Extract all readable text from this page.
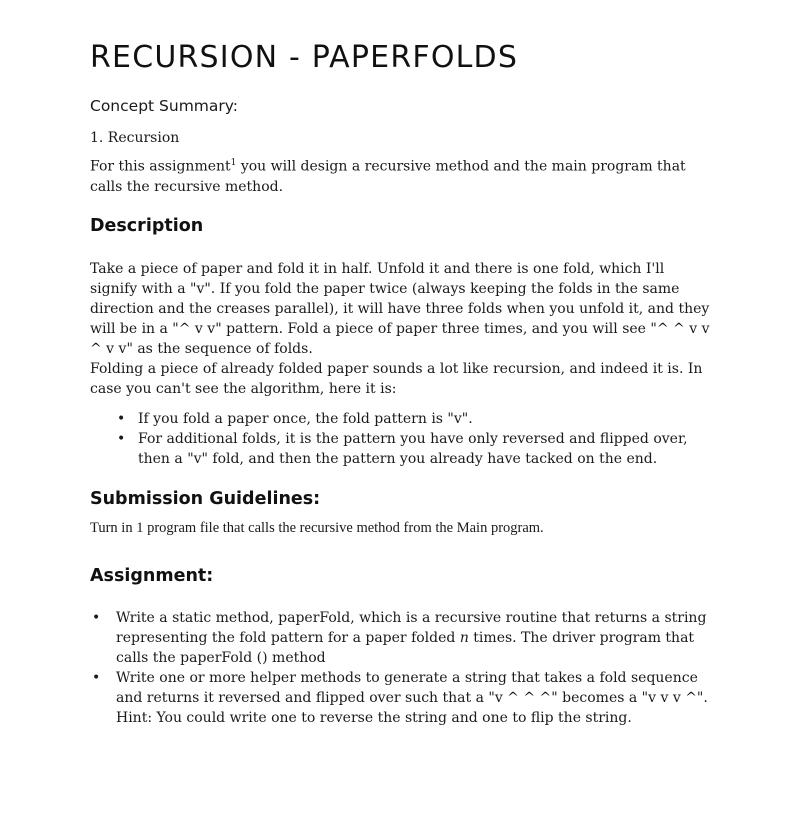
RECURSION - PAPERFOLDS
Concept Summary:
1. Recursion
For this assignment$^1$ you will design a recursive method and the main program that calls the recursive method.
Description

Take a piece of paper and fold it in half. Unfold it and there is one fold, which I'll signify with a "v". If you fold the paper twice (always keeping the folds in the same direction and the creases parallel), it will have three folds when you unfold it, and they will be in a "^ v v" pattern. Fold a piece of paper three times, and you will see "^ ^ v v ^ v v" as the sequence of folds.

Folding a piece of already folded paper sounds a lot like recursion, and indeed it is. In case you can't see the algorithm, here it is:

• If you fold a paper once, the fold pattern is "v".
• For additional folds, it is the pattern you have only reversed and flipped over, then a "v" fold, and then the pattern you already have tacked on the end.
Submission Guidelines:
Turn in 1 program file that calls the recursive method from the Main program.
Assignment:
• Write a static method, paperFold, which is a recursive routine that returns a string representing the fold pattern for a paper folded n times. The driver program that calls the paperFold () method
• Write one or more helper methods to generate a string that takes a fold sequence and returns it reversed and flipped over such that a "v ^ ^ ^" becomes a "v v v ^".
Hint: You could write one to reverse the string and one to flip the string.
